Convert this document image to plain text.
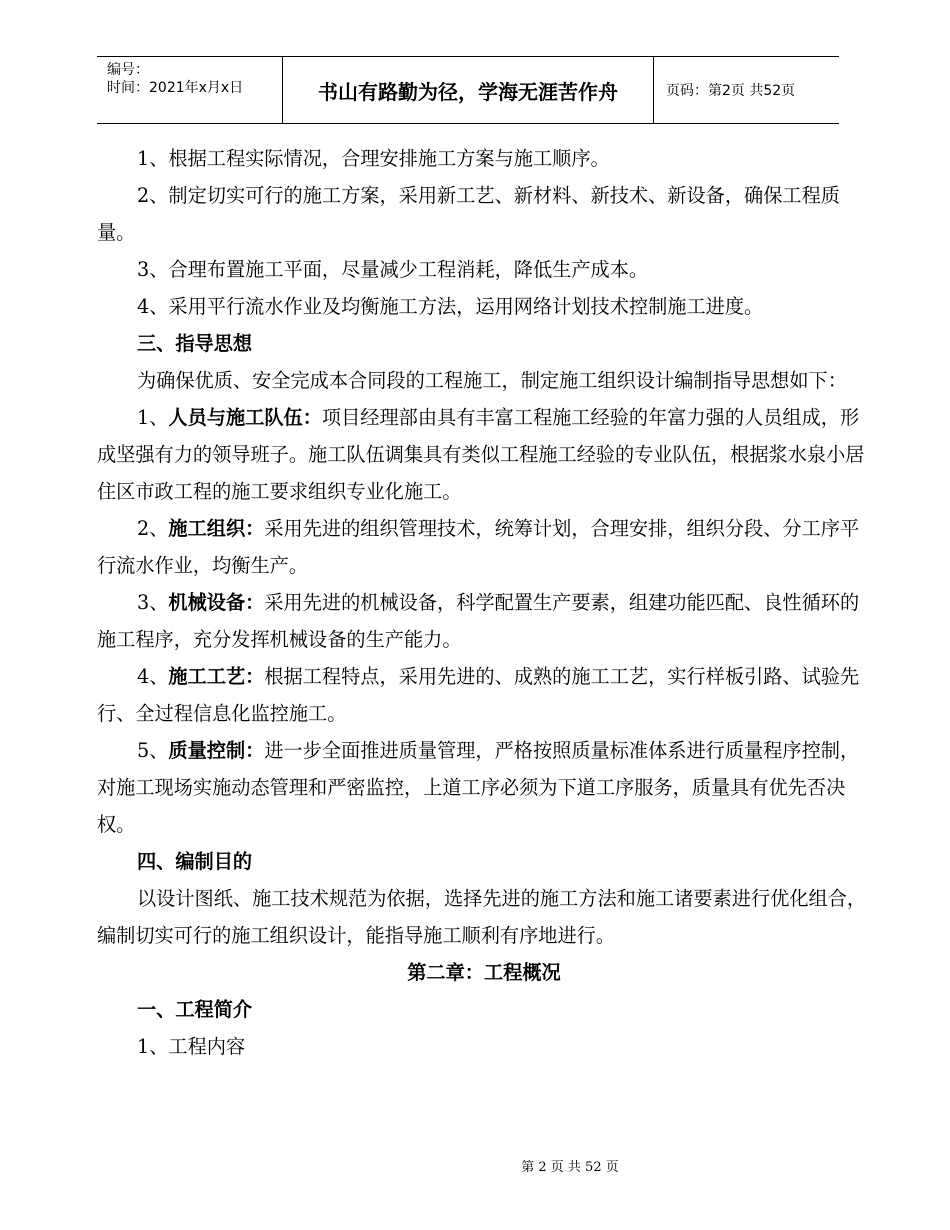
编号：
时间：2021年x月x日	书山有路勤为径，学海无涯苦作舟	页码：第2页 共52页

1、根据工程实际情况，合理安排施工方案与施工顺序。

2、制定切实可行的施工方案，采用新工艺、新材料、新技术、新设备，确保工程质量。

3、合理布置施工平面，尽量减少工程消耗，降低生产成本。

4、采用平行流水作业及均衡施工方法，运用网络计划技术控制施工进度。

三、指导思想

为确保优质、安全完成本合同段的工程施工，制定施工组织设计编制指导思想如下：

1、人员与施工队伍：项目经理部由具有丰富工程施工经验的年富力强的人员组成，形成坚强有力的领导班子。施工队伍调集具有类似工程施工经验的专业队伍，根据浆水泉小居住区市政工程的施工要求组织专业化施工。

2、施工组织：采用先进的组织管理技术，统筹计划，合理安排，组织分段、分工序平行流水作业，均衡生产。

3、机械设备：采用先进的机械设备，科学配置生产要素，组建功能匹配、良性循环的施工程序，充分发挥机械设备的生产能力。

4、施工工艺：根据工程特点，采用先进的、成熟的施工工艺，实行样板引路、试验先行、全过程信息化监控施工。

5、质量控制：进一步全面推进质量管理，严格按照质量标准体系进行质量程序控制，对施工现场实施动态管理和严密监控，上道工序必须为下道工序服务，质量具有优先否决权。

四、编制目的

以设计图纸、施工技术规范为依据，选择先进的施工方法和施工诸要素进行优化组合，编制切实可行的施工组织设计，能指导施工顺利有序地进行。

第二章：工程概况

一、工程简介

1、工程内容

第 2 页 共 52 页
